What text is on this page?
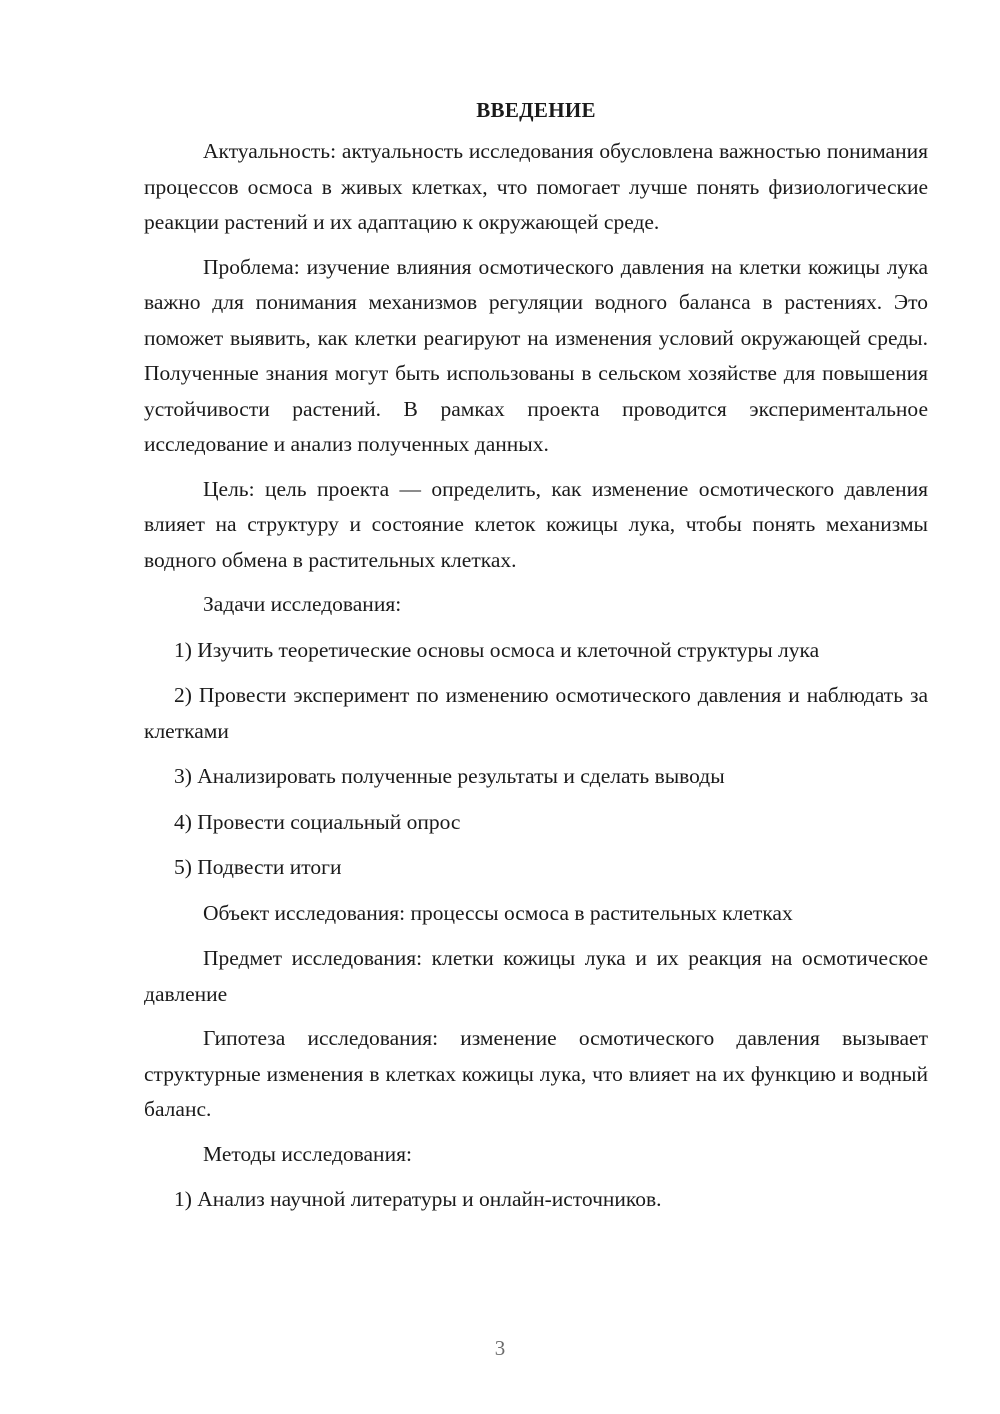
ВВЕДЕНИЕ

Актуальность: актуальность исследования обусловлена важностью понимания процессов осмоса в живых клетках, что помогает лучше понять физиологические реакции растений и их адаптацию к окружающей среде.

Проблема: изучение влияния осмотического давления на клетки кожицы лука важно для понимания механизмов регуляции водного баланса в растениях. Это поможет выявить, как клетки реагируют на изменения условий окружающей среды. Полученные знания могут быть использованы в сельском хозяйстве для повышения устойчивости растений. В рамках проекта проводится экспериментальное исследование и анализ полученных данных.

Цель: цель проекта — определить, как изменение осмотического давления влияет на структуру и состояние клеток кожицы лука, чтобы понять механизмы водного обмена в растительных клетках.

Задачи исследования:

1) Изучить теоретические основы осмоса и клеточной структуры лука
2) Провести эксперимент по изменению осмотического давления и наблюдать за клетками
3) Анализировать полученные результаты и сделать выводы
4) Провести социальный опрос
5) Подвести итоги

Объект исследования: процессы осмоса в растительных клетках

Предмет исследования: клетки кожицы лука и их реакция на осмотическое давление

Гипотеза исследования: изменение осмотического давления вызывает структурные изменения в клетках кожицы лука, что влияет на их функцию и водный баланс.

Методы исследования:

1) Анализ научной литературы и онлайн-источников.
3
